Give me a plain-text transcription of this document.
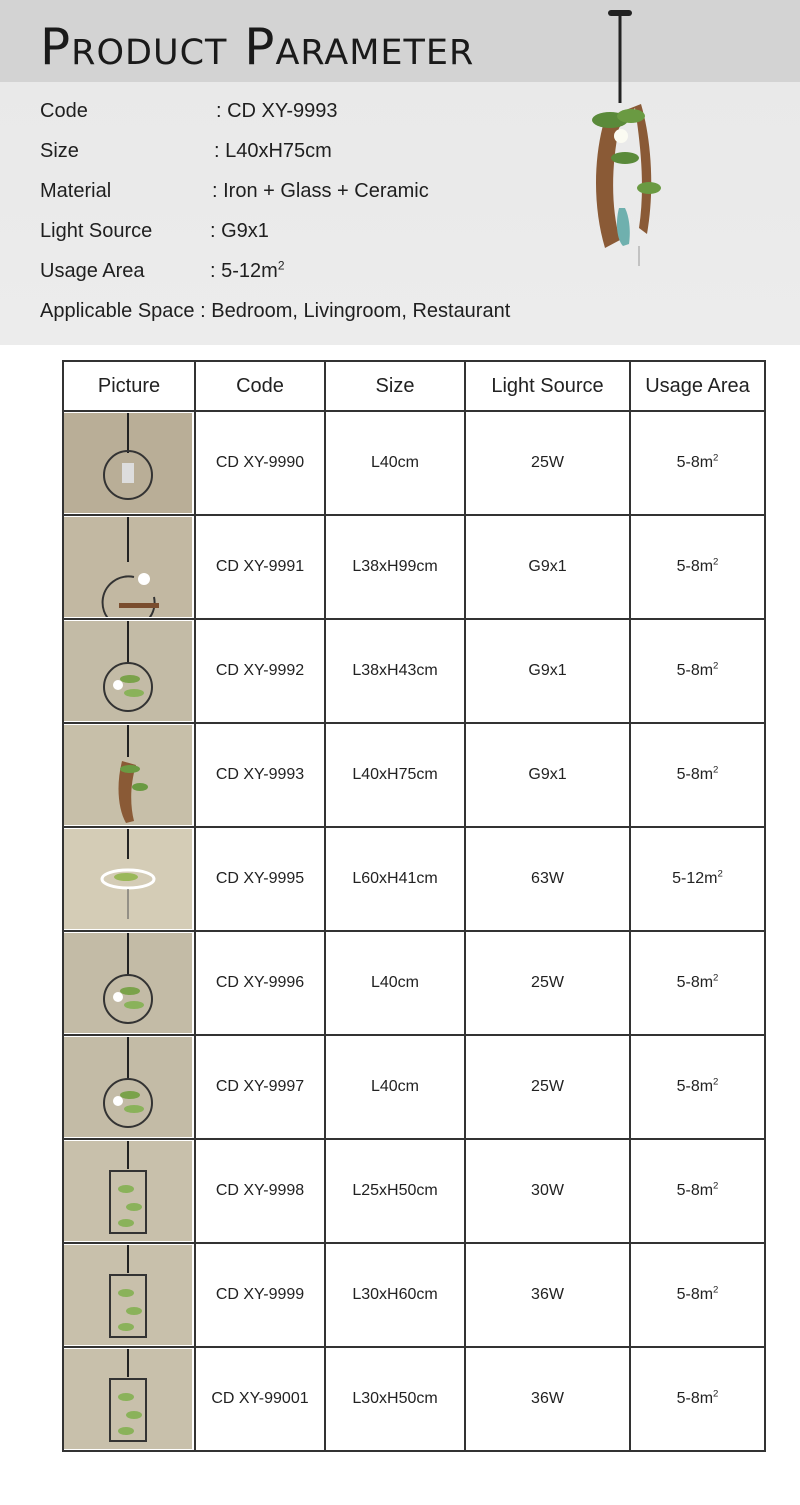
Product Parameter
Code	: CD XY-9993
Size	: L40xH75cm
Material	: Iron + Glass + Ceramic
Light Source	: G9x1
Usage Area	: $5-12m^2$
Applicable Space : Bedroom, Livingroom, Restaurant
Picture	Code	Size	Light Source	Usage Area

	CD XY-9990	L40cm	25W	$5-8m^2$

	CD XY-9991	L38xH99cm	G9x1	$5-8m^2$

	CD XY-9992	L38xH43cm	G9x1	$5-8m^2$

	CD XY-9993	L40xH75cm	G9x1	$5-8m^2$

	CD XY-9995	L60xH41cm	63W	$5-12m^2$

	CD XY-9996	L40cm	25W	$5-8m^2$

	CD XY-9997	L40cm	25W	$5-8m^2$

	CD XY-9998	L25xH50cm	30W	$5-8m^2$

	CD XY-9999	L30xH60cm	36W	$5-8m^2$

	CD XY-99001	L30xH50cm	36W	$5-8m^2$
